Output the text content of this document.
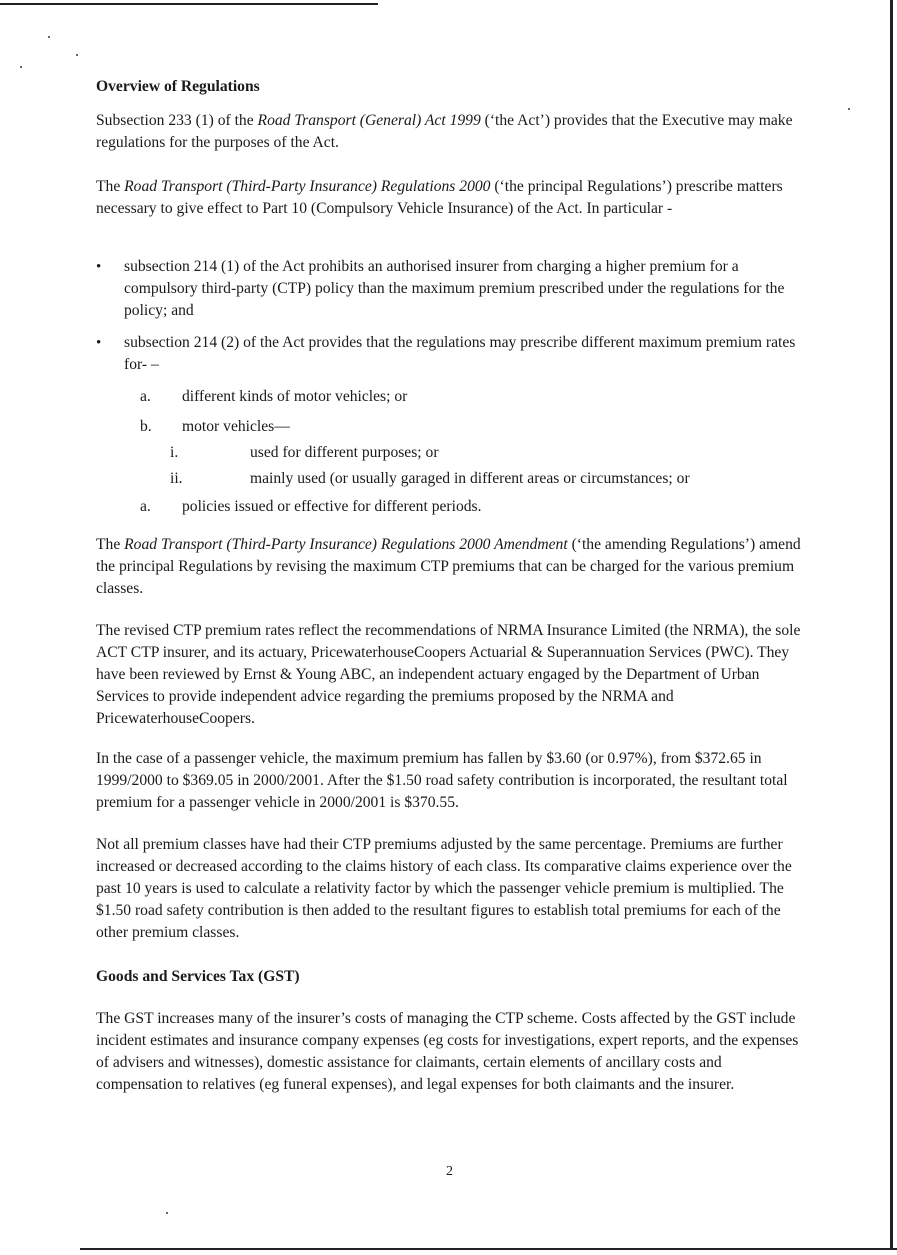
Overview of Regulations

Subsection 233 (1) of the Road Transport (General) Act 1999 (‘the Act’) provides that the Executive may make regulations for the purposes of the Act.

The Road Transport (Third-Party Insurance) Regulations 2000 (‘the principal Regulations’) prescribe matters necessary to give effect to Part 10 (Compulsory Vehicle Insurance) of the Act. In particular -

• subsection 214 (1) of the Act prohibits an authorised insurer from charging a higher premium for a compulsory third-party (CTP) policy than the maximum premium prescribed under the regulations for the policy; and

• subsection 214 (2) of the Act provides that the regulations may prescribe different maximum premium rates for- –

a. different kinds of motor vehicles; or
b. motor vehicles—
i.	used for different purposes; or
ii.	mainly used (or usually garaged in different areas or circumstances; or
a. policies issued or effective for different periods.

The Road Transport (Third-Party Insurance) Regulations 2000 Amendment (‘the amending Regulations’) amend the principal Regulations by revising the maximum CTP premiums that can be charged for the various premium classes.

The revised CTP premium rates reflect the recommendations of NRMA Insurance Limited (the NRMA), the sole ACT CTP insurer, and its actuary, PricewaterhouseCoopers Actuarial & Superannuation Services (PWC). They have been reviewed by Ernst & Young ABC, an independent actuary engaged by the Department of Urban Services to provide independent advice regarding the premiums proposed by the NRMA and PricewaterhouseCoopers.

In the case of a passenger vehicle, the maximum premium has fallen by $3.60 (or 0.97%), from $372.65 in 1999/2000 to $369.05 in 2000/2001. After the $1.50 road safety contribution is incorporated, the resultant total premium for a passenger vehicle in 2000/2001 is $370.55.

Not all premium classes have had their CTP premiums adjusted by the same percentage. Premiums are further increased or decreased according to the claims history of each class. Its comparative claims experience over the past 10 years is used to calculate a relativity factor by which the passenger vehicle premium is multiplied. The $1.50 road safety contribution is then added to the resultant figures to establish total premiums for each of the other premium classes.

Goods and Services Tax (GST)

The GST increases many of the insurer’s costs of managing the CTP scheme. Costs affected by the GST include incident estimates and insurance company expenses (eg costs for investigations, expert reports, and the expenses of advisers and witnesses), domestic assistance for claimants, certain elements of ancillary costs and compensation to relatives (eg funeral expenses), and legal expenses for both claimants and the insurer.

2
